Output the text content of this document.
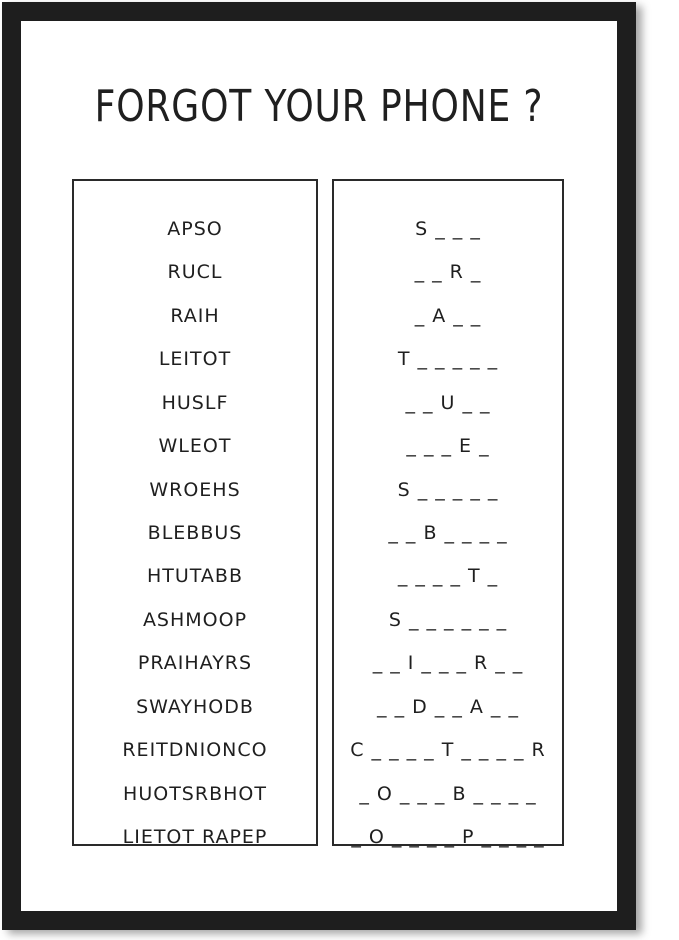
FORGOT YOUR PHONE ?
APSO
RUCL
RAIH
LEITOT
HUSLF
WLEOT
WROEHS
BLEBBUS
HTUTABB
ASHMOOP
PRAIHAYRS
SWAYHODB
REITDNIONCO
HUOTSRBHOT
LIETOT RAPEP
S _ _ _
_ _ R _
_ A _ _
T _ _ _ _ _
_ _ U _ _
_ _ _ E _
S _ _ _ _ _
_ _ B _ _ _ _
_ _ _ _ T _
S _ _ _ _ _ _
_ _ I _ _ _ R _ _
_ _ D _ _ A _ _
C _ _ _ _ T _ _ _ _ R
_ O _ _ _ B _ _ _ _
_ O _ _ _ _ P _ _ _ _
